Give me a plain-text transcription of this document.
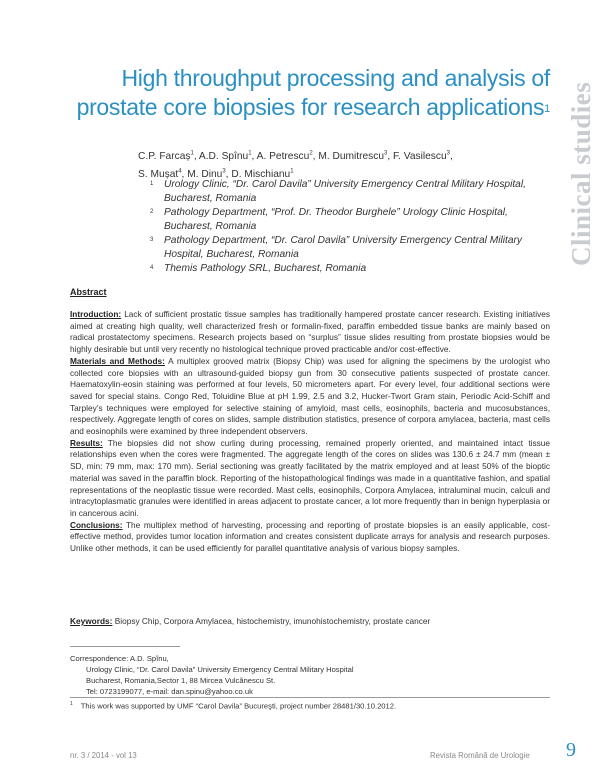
High throughput processing and analysis of
prostate core biopsies for research applications$^1$ Clinical studies
C.P. Farcaș$^1$, A.D. Spînu$^1$, A. Petrescu$^2$, M. Dumitrescu$^3$, F. Vasilescu$^3$,
S. Mușat$^4$, M. Dinu$^3$, D. Mischianu$^1$
1 Urology Clinic, “Dr. Carol Davila” University Emergency Central Military Hospital, Bucharest, Romania
2 Pathology Department, “Prof. Dr. Theodor Burghele” Urology Clinic Hospital, Bucharest, Romania
3 Pathology Department, “Dr. Carol Davila” University Emergency Central Military Hospital, Bucharest, Romania
4 Themis Pathology SRL, Bucharest, Romania
Abstract

Introduction: Lack of sufficient prostatic tissue samples has traditionally hampered prostate cancer research. Existing initiatives aimed at creating high quality, well characterized fresh or formalin-fixed, paraffin embedded tissue banks are mainly based on radical prostatectomy specimens. Research projects based on “surplus” tissue slides resulting from prostate biopsies would be highly desirable but until very recently no histological technique proved practicable and/or cost-effective.

Materials and Methods: A multiplex grooved matrix (Biopsy Chip) was used for aligning the specimens by the urologist who collected core biopsies with an ultrasound-guided biopsy gun from 30 consecutive patients suspected of prostate cancer. Haematoxylin-eosin staining was performed at four levels, 50 micrometers apart. For every level, four additional sections were saved for special stains. Congo Red, Toluidine Blue at pH 1.99, 2.5 and 3.2, Hucker-Twort Gram stain, Periodic Acid-Schiff and Tarpley’s techniques were employed for selective staining of amyloid, mast cells, eosinophils, bacteria and mucosubstances, respectively. Aggregate length of cores on slides, sample distribution statistics, presence of corpora amylacea, bacteria, mast cells and eosinophils were examined by three independent observers.

Results: The biopsies did not show curling during processing, remained properly oriented, and maintained intact tissue relationships even when the cores were fragmented. The aggregate length of the cores on slides was 130.6 ± 24.7 mm (mean ± SD, min: 79 mm, max: 170 mm). Serial sectioning was greatly facilitated by the matrix employed and at least 50% of the bioptic material was saved in the paraffin block. Reporting of the histopathological findings was made in a quantitative fashion, and spatial representations of the neoplastic tissue were recorded. Mast cells, eosinophils, Corpora Amylacea, intraluminal mucin, calculi and intracytoplasmatic granules were identified in areas adjacent to prostate cancer, a lot more frequently than in benign hyperplasia or in cancerous acini.

Conclusions: The multiplex method of harvesting, processing and reporting of prostate biopsies is an easily applicable, cost-effective method, provides tumor location information and creates consistent duplicate arrays for analysis and research purposes. Unlike other methods, it can be used efficiently for parallel quantitative analysis of various biopsy samples.

Keywords: Biopsy Chip, Corpora Amylacea, histochemistry, imunohistochemistry, prostate cancer
Correspondence: A.D. Spînu,
Urology Clinic, “Dr. Carol Davila” University Emergency Central Military Hospital
Bucharest, Romania,Sector 1, 88 Mircea Vulcănescu St.
Tel: 0723199077, e-mail: dan.spinu@yahoo.co.uk
$^1$ This work was supported by UMF “Carol Davila” Bucureşti, project number 28481/30.10.2012.
nr. 3 / 2014 - vol 13	Revista Română de Urologie 9
